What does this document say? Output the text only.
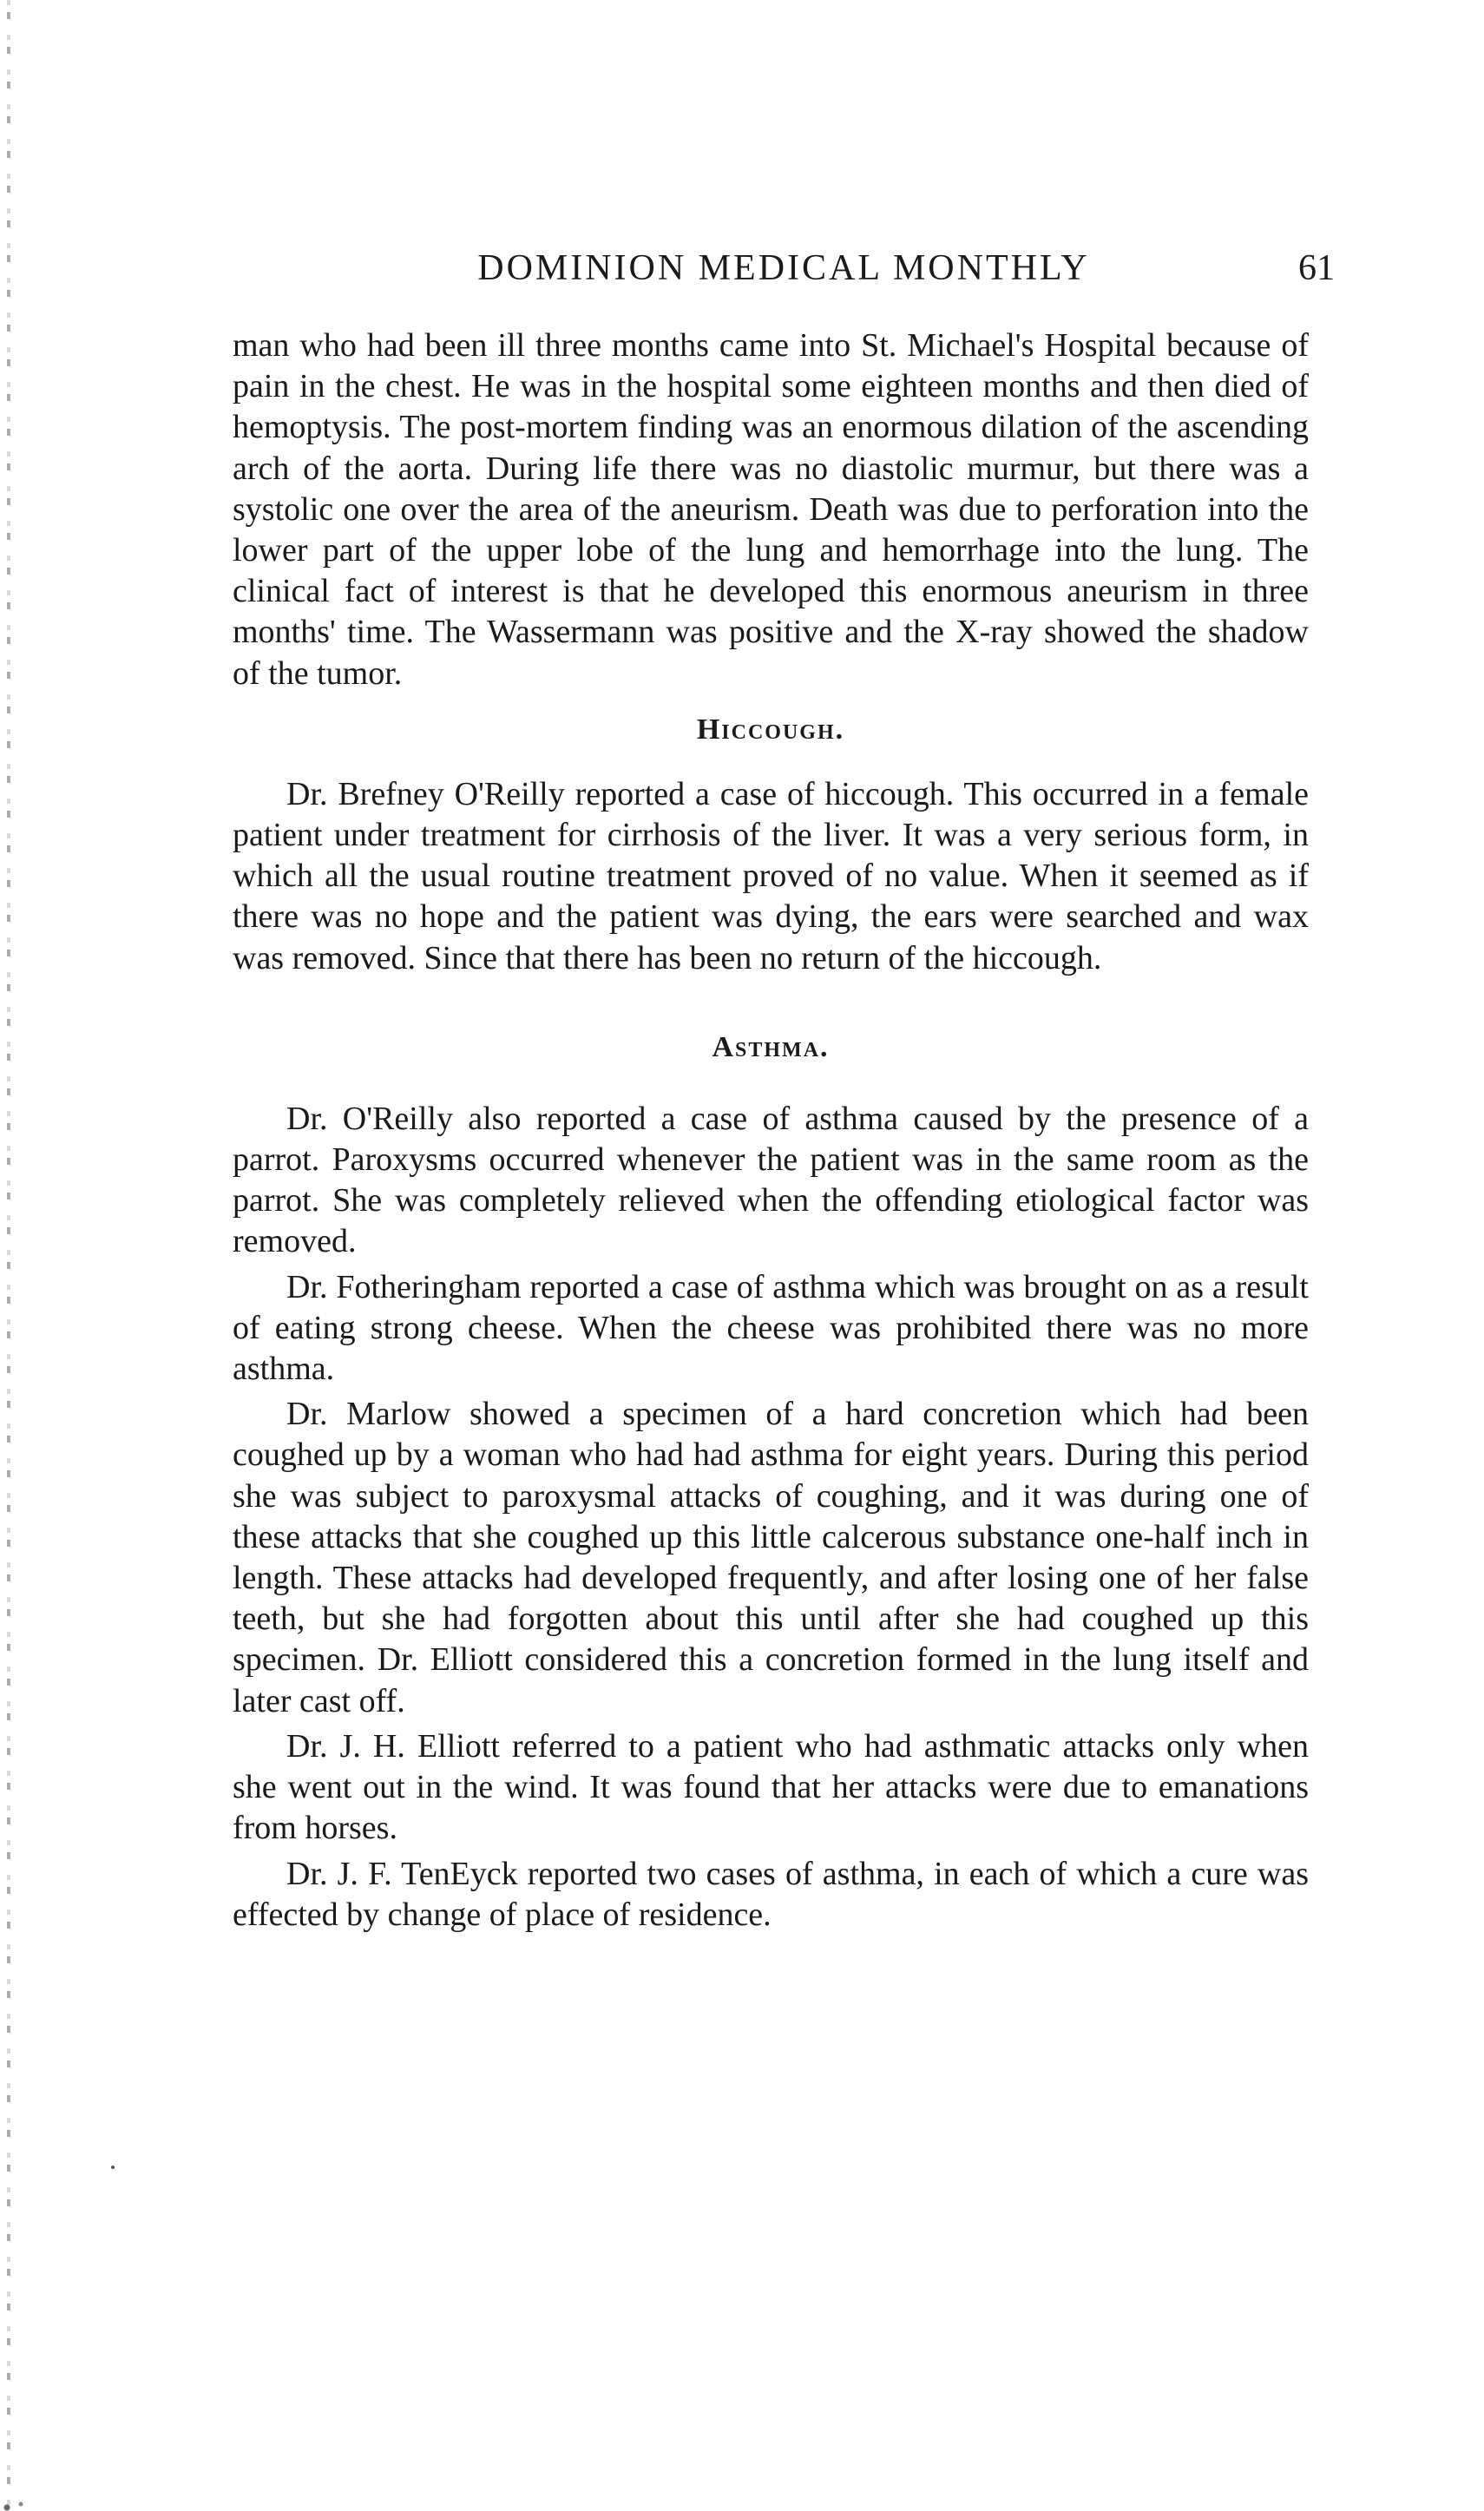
DOMINION MEDICAL MONTHLY	61

man who had been ill three months came into St. Michael's Hospital because of pain in the chest. He was in the hospital some eighteen months and then died of hemoptysis. The post-mortem finding was an enormous dilation of the ascending arch of the aorta. During life there was no diastolic murmur, but there was a systolic one over the area of the aneurism. Death was due to perforation into the lower part of the upper lobe of the lung and hemorrhage into the lung. The clinical fact of interest is that he developed this enormous aneurism in three months' time. The Wassermann was positive and the X-ray showed the shadow of the tumor.

Hiccough.

Dr. Brefney O'Reilly reported a case of hiccough. This occurred in a female patient under treatment for cirrhosis of the liver. It was a very serious form, in which all the usual routine treatment proved of no value. When it seemed as if there was no hope and the patient was dying, the ears were searched and wax was removed. Since that there has been no return of the hiccough.

Asthma.

Dr. O'Reilly also reported a case of asthma caused by the presence of a parrot. Paroxysms occurred whenever the patient was in the same room as the parrot. She was completely relieved when the offending etiological factor was removed.

Dr. Fotheringham reported a case of asthma which was brought on as a result of eating strong cheese. When the cheese was prohibited there was no more asthma.

Dr. Marlow showed a specimen of a hard concretion which had been coughed up by a woman who had had asthma for eight years. During this period she was subject to paroxysmal attacks of coughing, and it was during one of these attacks that she coughed up this little calcerous substance one-half inch in length. These attacks had developed frequently, and after losing one of her false teeth, but she had forgotten about this until after she had coughed up this specimen. Dr. Elliott considered this a concretion formed in the lung itself and later cast off.

Dr. J. H. Elliott referred to a patient who had asthmatic attacks only when she went out in the wind. It was found that her attacks were due to emanations from horses.

Dr. J. F. TenEyck reported two cases of asthma, in each of which a cure was effected by change of place of residence.
